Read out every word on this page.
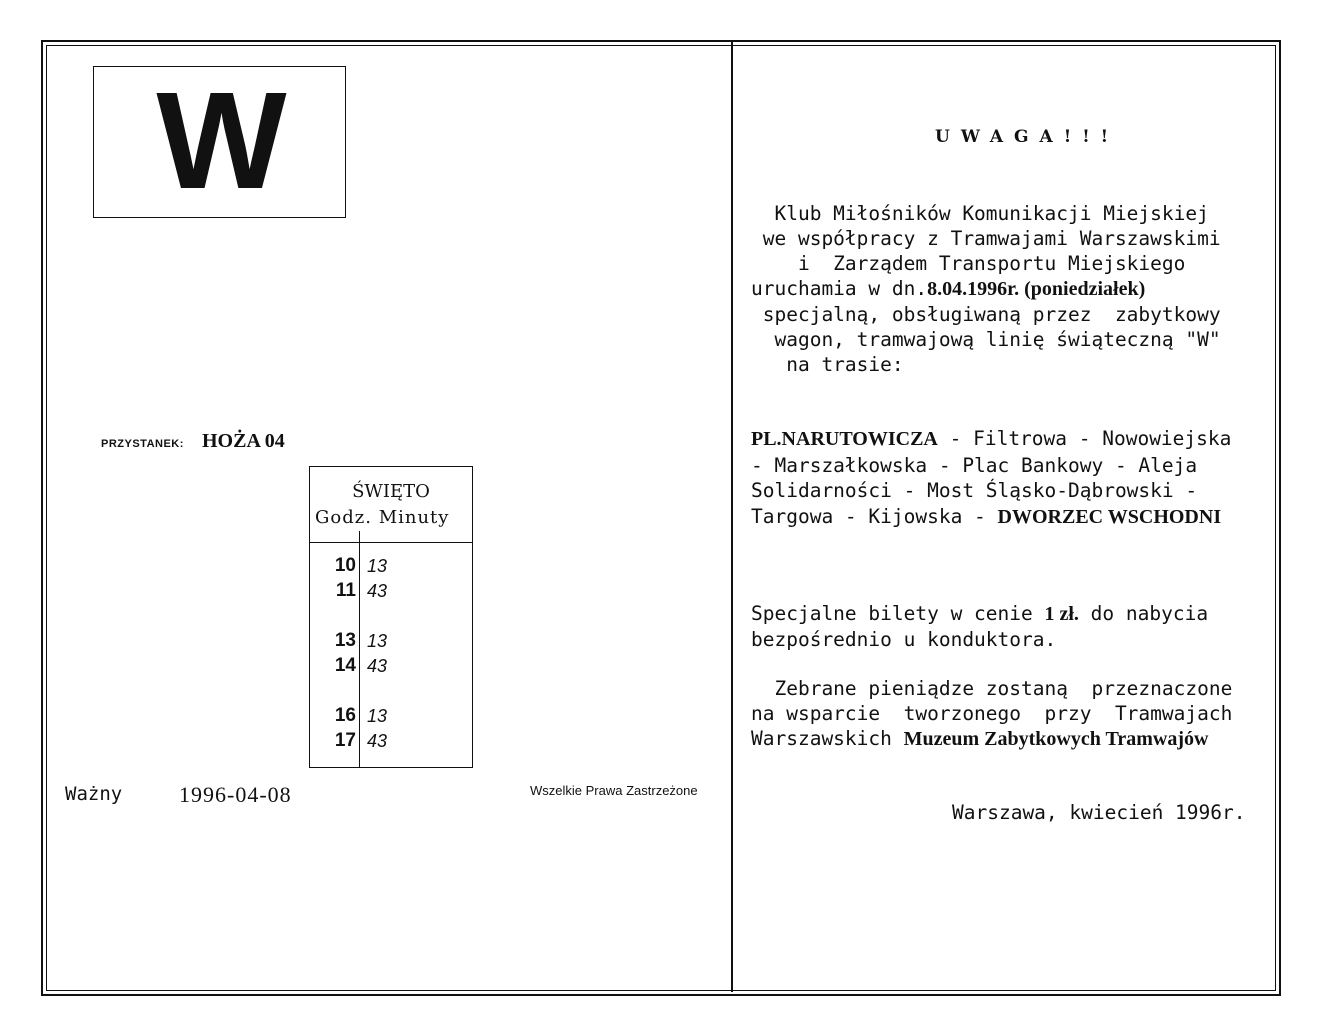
W
PRZYSTANEK: HOŻA 04
ŚWIĘTO
Godz. Minuty
10 13
11 43
13 13
14 43
16 13
17 43
Ważny	1996-04-08	Wszelkie Prawa Zastrzeżone
UWAGA!!!
Klub Miłośników Komunikacji Miejskiej
we współpracy z Tramwajami Warszawskimi
i  Zarządem Transportu Miejskiego
uruchamia w dn.8.04.1996r. (poniedziałek)
specjalną, obsługiwaną przez  zabytkowy
wagon, tramwajową linię świąteczną "W"
na trasie:
PL.NARUTOWICZA - Filtrowa - Nowowiejska
- Marszałkowska - Plac Bankowy - Aleja
Solidarności - Most Śląsko-Dąbrowski -
Targowa - Kijowska - DWORZEC WSCHODNI
Specjalne bilety w cenie 1 zł. do nabycia
bezpośrednio u konduktora.
Zebrane pieniądze zostaną  przeznaczone
na wsparcie  tworzonego  przy  Tramwajach
Warszawskich Muzeum Zabytkowych Tramwajów
Warszawa, kwiecień 1996r.
